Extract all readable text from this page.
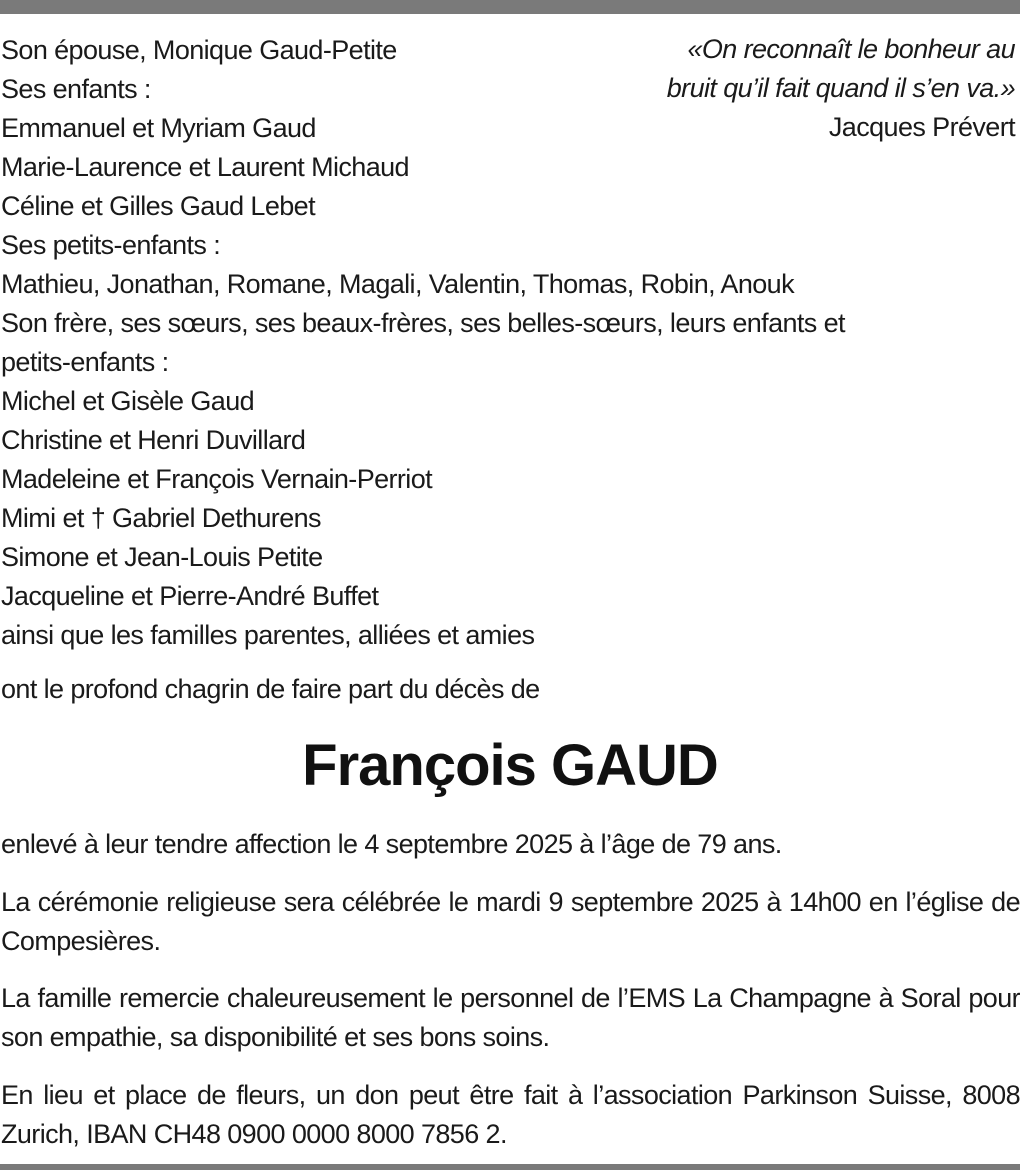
«On reconnaît le bonheur au
bruit qu’il fait quand il s’en va.»
Jacques Prévert
Son épouse, Monique Gaud-Petite
Ses enfants :
Emmanuel et Myriam Gaud
Marie-Laurence et Laurent Michaud
Céline et Gilles Gaud Lebet
Ses petits-enfants :
Mathieu, Jonathan, Romane, Magali, Valentin, Thomas, Robin, Anouk
Son frère, ses sœurs, ses beaux-frères, ses belles-sœurs, leurs enfants et
petits-enfants :
Michel et Gisèle Gaud
Christine et Henri Duvillard
Madeleine et François Vernain-Perriot
Mimi et † Gabriel Dethurens
Simone et Jean-Louis Petite
Jacqueline et Pierre-André Buffet
ainsi que les familles parentes, alliées et amies
ont le profond chagrin de faire part du décès de
François GAUD
enlevé à leur tendre affection le 4 septembre 2025 à l’âge de 79 ans.
La cérémonie religieuse sera célébrée le mardi 9 septembre 2025 à 14h00 en l’église de Compesières.
La famille remercie chaleureusement le personnel de l’EMS La Champagne à Soral pour son empathie, sa disponibilité et ses bons soins.
En lieu et place de fleurs, un don peut être fait à l’association Parkinson Suisse, 8008 Zurich, IBAN CH48 0900 0000 8000 7856 2.
